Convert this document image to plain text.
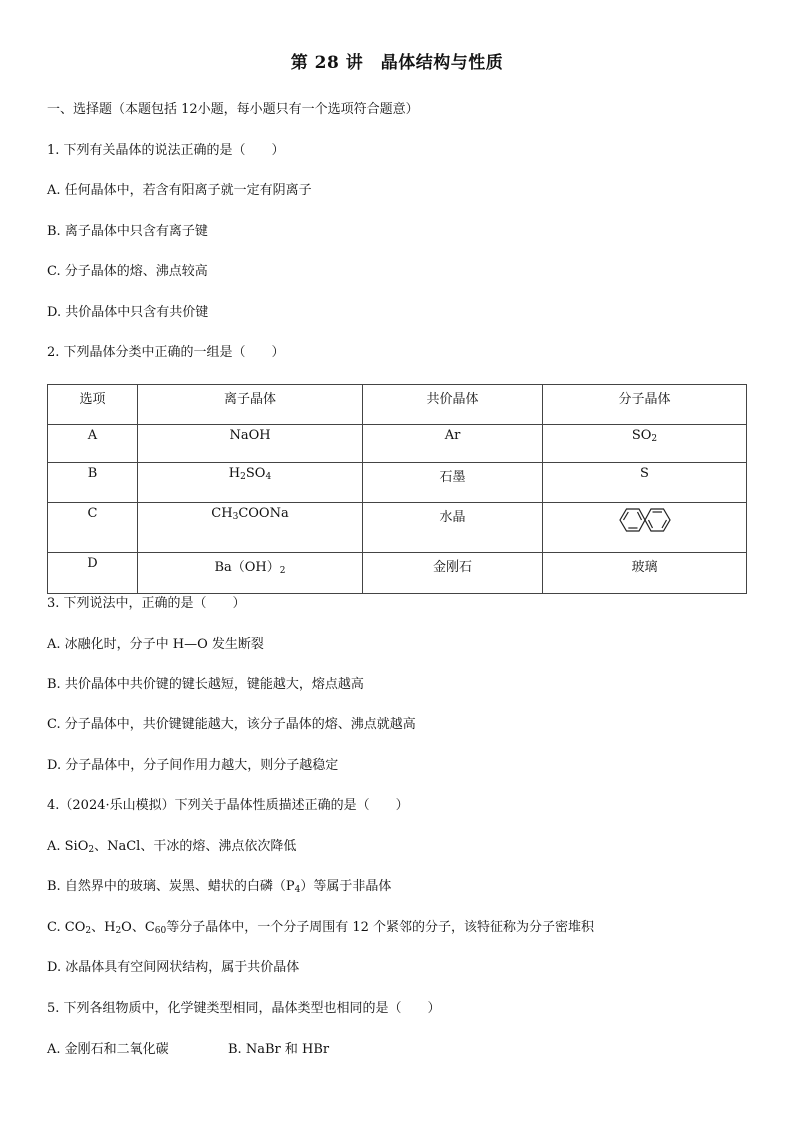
第 28 讲　晶体结构与性质
一、选择题（本题包括 12小题，每小题只有一个选项符合题意）
1. 下列有关晶体的说法正确的是（　　）
A. 任何晶体中，若含有阳离子就一定有阴离子
B. 离子晶体中只含有离子键
C. 分子晶体的熔、沸点较高
D. 共价晶体中只含有共价键
2. 下列晶体分类中正确的一组是（　　）
选项	离子晶体	共价晶体	分子晶体
A	NaOH	Ar	$SO_2$
B	$H_2SO_4$	石墨	S
C	$CH_3COONa$	水晶	
D	$Ba(OH)_2$	金刚石	玻璃
3. 下列说法中，正确的是（　　）
A. 冰融化时，分子中 H—O 发生断裂
B. 共价晶体中共价键的键长越短，键能越大，熔点越高
C. 分子晶体中，共价键键能越大，该分子晶体的熔、沸点就越高
D. 分子晶体中，分子间作用力越大，则分子越稳定
4.（2024·乐山模拟）下列关于晶体性质描述正确的是（　　）
A. SiO$_2$、NaCl、干冰的熔、沸点依次降低
B. 自然界中的玻璃、炭黑、蜡状的白磷$(P_4)$等属于非晶体
C. $CO_2$、$H_2O$、$C_{60}$等分子晶体中，一个分子周围有 12 个紧邻的分子，该特征称为分子密堆积
D. 冰晶体具有空间网状结构，属于共价晶体
5. 下列各组物质中，化学键类型相同，晶体类型也相同的是（　　）
A. 金刚石和二氧化碳	B. NaBr 和 HBr
